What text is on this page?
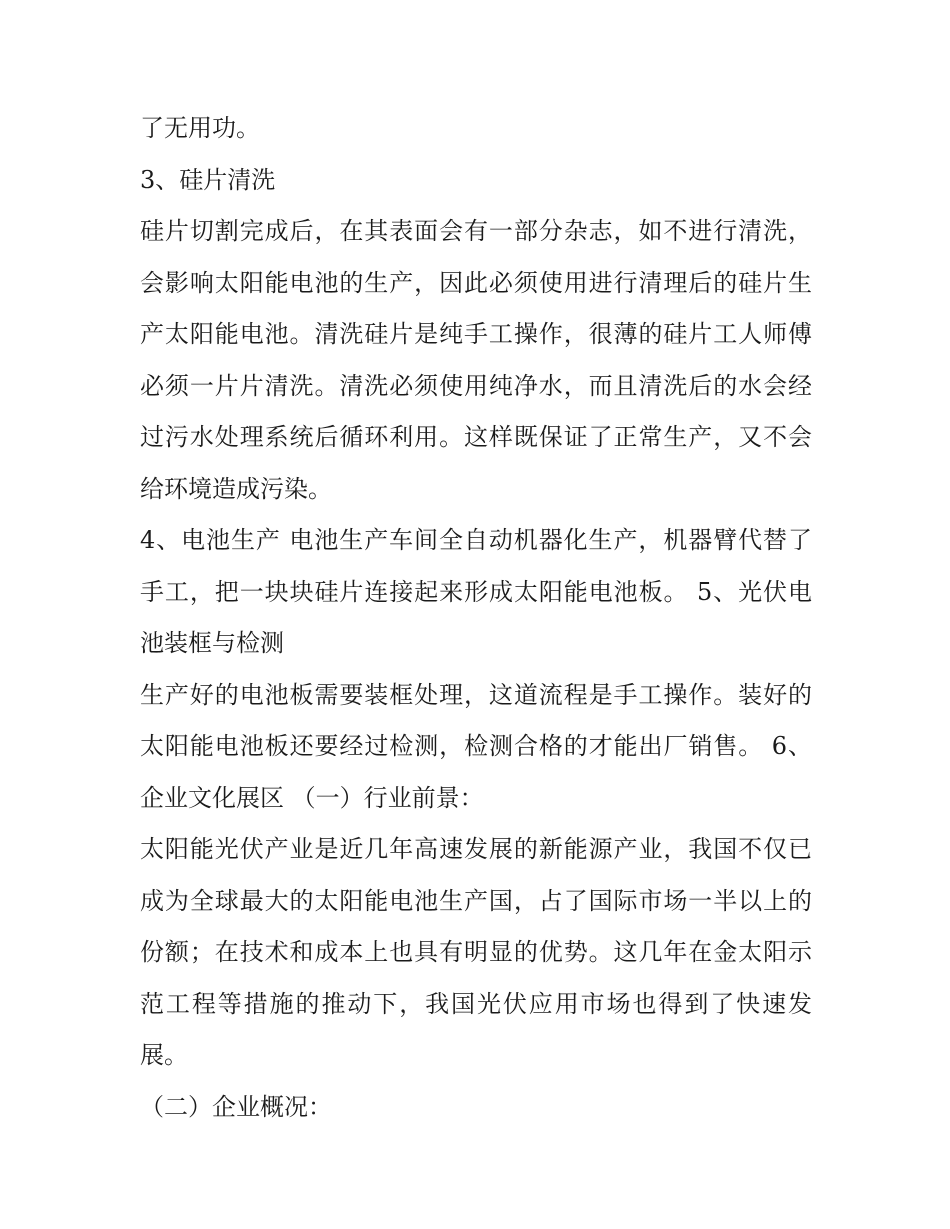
了无用功。
3、硅片清洗
硅片切割完成后，在其表面会有一部分杂志，如不进行清洗，
会影响太阳能电池的生产，因此必须使用进行清理后的硅片生
产太阳能电池。清洗硅片是纯手工操作，很薄的硅片工人师傅
必须一片片清洗。清洗必须使用纯净水，而且清洗后的水会经
过污水处理系统后循环利用。这样既保证了正常生产，又不会
给环境造成污染。
4、电池生产 电池生产车间全自动机器化生产，机器臂代替了
手工，把一块块硅片连接起来形成太阳能电池板。 5、光伏电
池装框与检测
生产好的电池板需要装框处理，这道流程是手工操作。装好的
太阳能电池板还要经过检测，检测合格的才能出厂销售。 6、
企业文化展区 （一）行业前景：
太阳能光伏产业是近几年高速发展的新能源产业，我国不仅已
成为全球最大的太阳能电池生产国，占了国际市场一半以上的
份额；在技术和成本上也具有明显的优势。这几年在金太阳示
范工程等措施的推动下，我国光伏应用市场也得到了快速发
展。
（二）企业概况：
